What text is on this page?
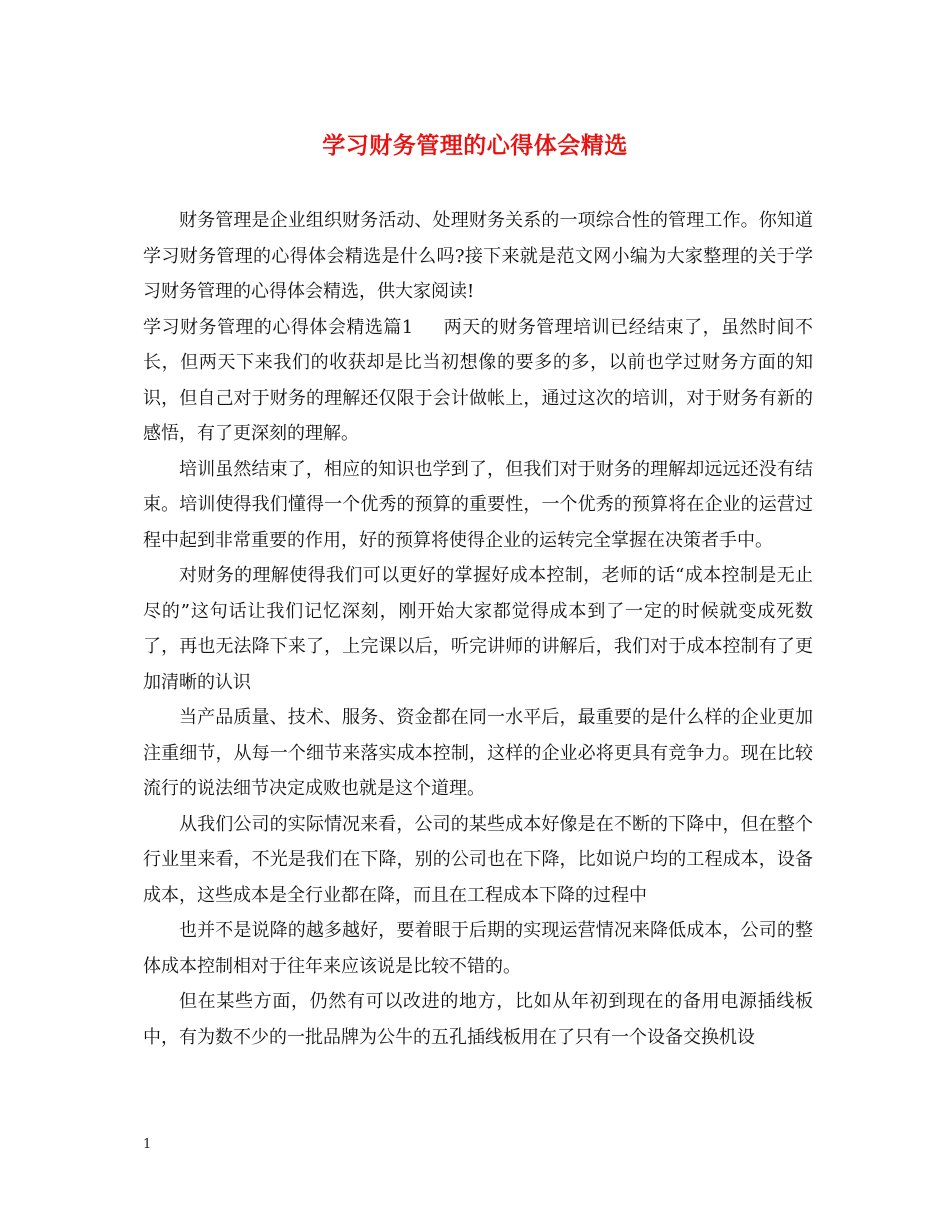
学习财务管理的心得体会精选

财务管理是企业组织财务活动、处理财务关系的一项综合性的管理工作。你知道学习财务管理的心得体会精选是什么吗?接下来就是范文网小编为大家整理的关于学习财务管理的心得体会精选，供大家阅读!

学习财务管理的心得体会精选篇1 两天的财务管理培训已经结束了，虽然时间不长，但两天下来我们的收获却是比当初想像的要多的多，以前也学过财务方面的知识，但自己对于财务的理解还仅限于会计做帐上，通过这次的培训，对于财务有新的感悟，有了更深刻的理解。

培训虽然结束了，相应的知识也学到了，但我们对于财务的理解却远远还没有结束。培训使得我们懂得一个优秀的预算的重要性，一个优秀的预算将在企业的运营过程中起到非常重要的作用，好的预算将使得企业的运转完全掌握在决策者手中。

对财务的理解使得我们可以更好的掌握好成本控制，老师的话“成本控制是无止尽的”这句话让我们记忆深刻，刚开始大家都觉得成本到了一定的时候就变成死数了，再也无法降下来了，上完课以后，听完讲师的讲解后，我们对于成本控制有了更加清晰的认识

当产品质量、技术、服务、资金都在同一水平后，最重要的是什么样的企业更加注重细节，从每一个细节来落实成本控制，这样的企业必将更具有竞争力。现在比较流行的说法细节决定成败也就是这个道理。

从我们公司的实际情况来看，公司的某些成本好像是在不断的下降中，但在整个行业里来看，不光是我们在下降，别的公司也在下降，比如说户均的工程成本，设备成本，这些成本是全行业都在降，而且在工程成本下降的过程中

也并不是说降的越多越好，要着眼于后期的实现运营情况来降低成本，公司的整体成本控制相对于往年来应该说是比较不错的。

但在某些方面，仍然有可以改进的地方，比如从年初到现在的备用电源插线板中，有为数不少的一批品牌为公牛的五孔插线板用在了只有一个设备交换机设

1
